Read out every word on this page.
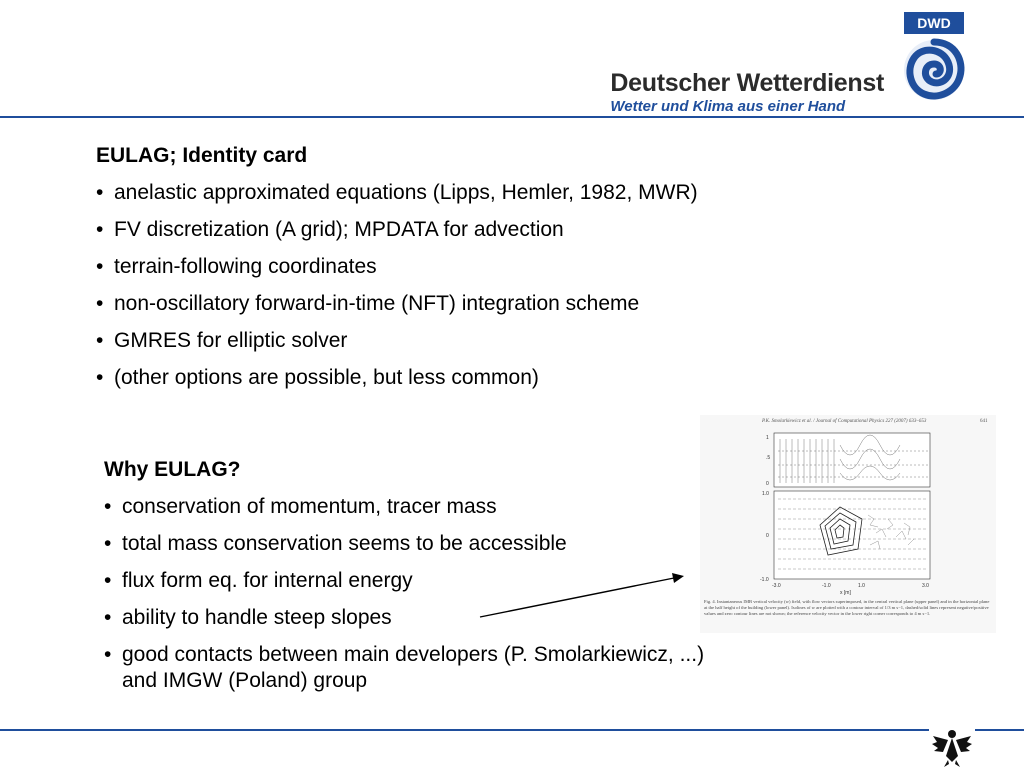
Deutscher Wetterdienst
Wetter und Klima aus einer Hand
DWD
EULAG; Identity card
• anelastic approximated equations (Lipps, Hemler, 1982, MWR)
• FV discretization (A grid); MPDATA for advection
• terrain-following coordinates
• non-oscillatory forward-in-time (NFT) integration scheme
• GMRES for elliptic solver
• (other options are possible, but less common)
Why EULAG?
• conservation of momentum, tracer mass
• total mass conservation seems to be accessible
• flux form eq. for internal energy
• ability to handle steep slopes
• good contacts between main developers (P. Smolarkiewicz, ...)
and IMGW (Poland) group
1
.5
0
1.0
0
-1.0
-3.0	-1.0	1.0	3.0
x [m]
P.K. Smolarkiewicz et al. / Journal of Computational Physics 227 (2007) 633–653	641
Fig. 4. Instantaneous IMB vertical velocity (w) field, with flow vectors superimposed, in the central vertical plane (upper panel) and in the horizontal plane at the half height of the building (lower panel). Isolines of w are plotted with a contour interval of 1/3 m s−1, dashed/solid lines represent negative/positive values and zero contour lines are not shown; the reference velocity vector in the lower right corner corresponds to 4 m s−1.
